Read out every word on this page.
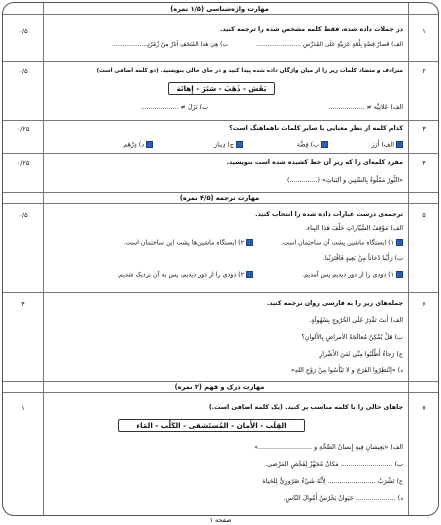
مهارت واژه‌شناسی (۱/۵ نمره)
مهارت ترجمه (۴/۵ نمره)
مهارت درک و فهم (۲ نمره)
۱
۰/۵	در جملات داده شده، فقط کلمه مشخص شده را ترجمه کنید.
الف) قَصارُ قِصَّةٍ بِلُغَةٍ عَرَبِيَّةٍ عَلَى المُدَرِّسِ ........................
ب) هِيَ هٰذا المُتَحَفِ آثارٌ مِنْ زُمْرُدٍ...................
۲
۰/۵	مترادف و متضاد کلمات زیر را از میان واژگان داده شده پیدا کنید و در جای خالی بنویسید. (دو کلمه اضافی است)
بَقَش - ذَهَبَ - سَتَرَ - إِهانَة
الف) عَلانِيَّة ≠ ..................
ب) نَزَلَ ≠ ...................
۳
۰/۲۵	کدام کلمه از نظر معنایی با سایر کلمات ناهماهنگ است؟
الف) أَرَز
ب) فِضَّة
ج) دِينار
د) دِرْهَم
۴
۰/۲۵	مفرد کلمه‌ای را که زیر آن خط کشیده شده است بنویسید.
«النُّورُ مَمْلُوءٌ بِالسِّنِين و اَلبَناتِ» (..............)
۵
۰/۵	ترجمه‌ی درست عبارات داده شده را انتخاب کنید.
الف) مَوْقِفُ السَّيّاراتِ خَلْفَ هٰذَا البِناء.
۱) ایستگاه ماشین پشت آن ساختمان است.
۲) ایستگاه ماشین‌ها پشت این ساختمان است.
ب) رَأَيْنا دُخاناً مِنْ بَعِيدٍ فَاقْتَرَبْنا.
۱) دودی را از دور دیدیم پس آمدیم.
۲) دودی را از دور دیدیم، پس به آن نزدیک شدیم.
۶
۴	جمله‌های زیر را به فارسی روان ترجمه کنید.
الف) أَنتَ تَقْدِرُ عَلَى الخُرُوجِ بِسُهُولَةٍ.
ب) هَلْ يُمْكِنُ مُعالَجَةُ الأمراضِ بِالأَلوانِ؟
ج) رَجاءٌ أَطْلُبُوا مِنِّي ثَمَنَ الأَضْرارِ
د) «اِنْتَظِرُوا الفَرَجَ و لا تَيْأَسُوا مِنْ رَوْحِ اللهِ»
۷
۱	جاهای خالی را با کلمه مناسب پر کنید. (یک کلمه اضافی است.)
القِلَب - الأَمان - المُستَشفى - الكَلْب - المَاء
الف) «يَعِيشانِ فِيهِ إِنسانٌ الصِّحَّةِ و ...........................»
ب) .......................... مَكانٌ مُجَهَّزٌ لِفَحْصِ المَرْضى.
ج) تَشْرَبُ ........................ لِأَنَّهُ شَيْءٌ ضَرُورِيٌّ لِلحَياة
د) .................... حَيَوانٌ يَحْرُسُ أَمْوالَ النّاسِ.
صفحه ۱
